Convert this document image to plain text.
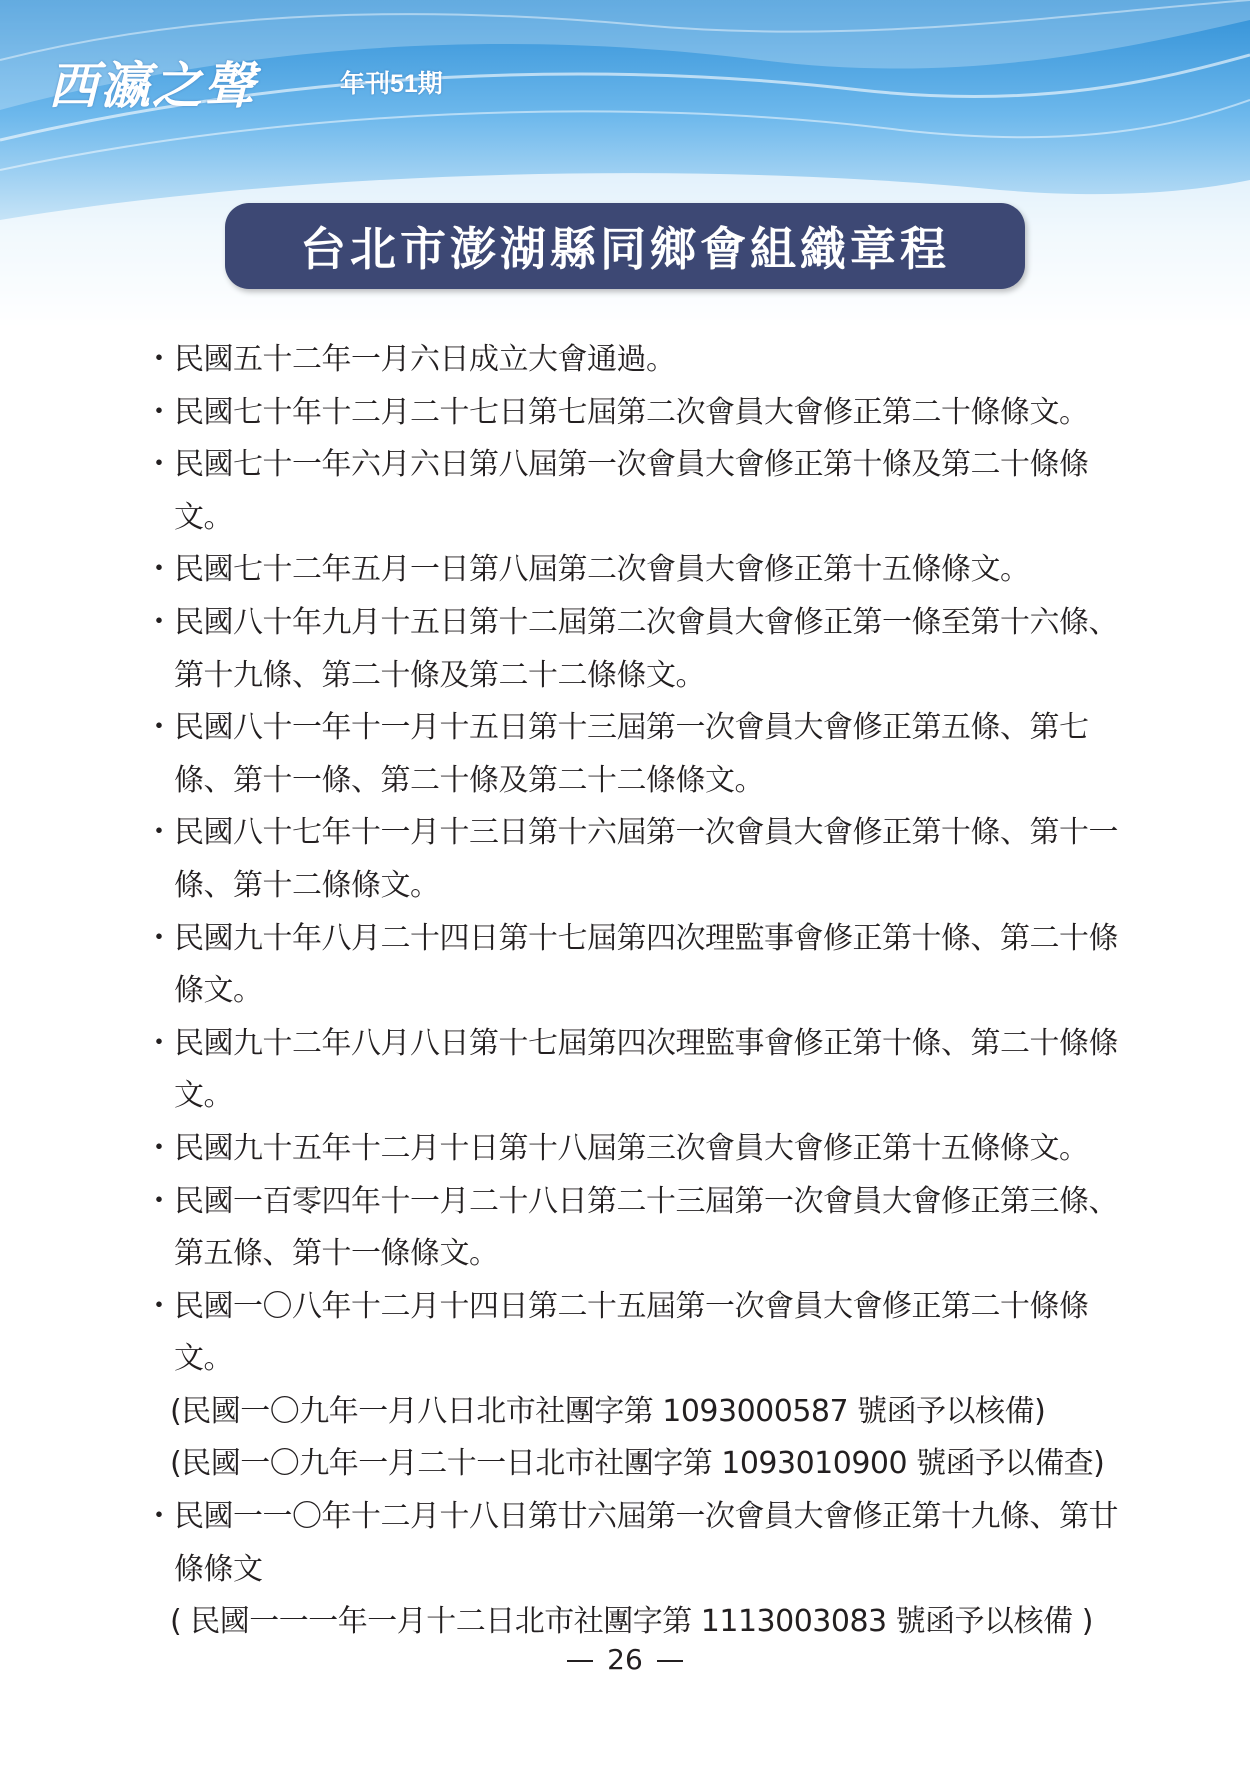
西瀛之聲	年刊51期
台北市澎湖縣同鄉會組織章程
・ 民國五十二年一月六日成立大會通過。
・ 民國七十年十二月二十七日第七屆第二次會員大會修正第二十條條文。
・ 民國七十一年六月六日第八屆第一次會員大會修正第十條及第二十條條文。
・ 民國七十二年五月一日第八屆第二次會員大會修正第十五條條文。
・ 民國八十年九月十五日第十二屆第二次會員大會修正第一條至第十六條、第十九條、第二十條及第二十二條條文。
・ 民國八十一年十一月十五日第十三屆第一次會員大會修正第五條、第七條、第十一條、第二十條及第二十二條條文。
・ 民國八十七年十一月十三日第十六屆第一次會員大會修正第十條、第十一條、第十二條條文。
・ 民國九十年八月二十四日第十七屆第四次理監事會修正第十條、第二十條條文。
・ 民國九十二年八月八日第十七屆第四次理監事會修正第十條、第二十條條文。
・ 民國九十五年十二月十日第十八屆第三次會員大會修正第十五條條文。
・ 民國一百零四年十一月二十八日第二十三屆第一次會員大會修正第三條、第五條、第十一條條文。
・ 民國一〇八年十二月十四日第二十五屆第一次會員大會修正第二十條條文。
(民國一〇九年一月八日北市社團字第 1093000587 號函予以核備)
(民國一〇九年一月二十一日北市社團字第 1093010900 號函予以備查)
・ 民國一一〇年十二月十八日第廿六屆第一次會員大會修正第十九條、第廿條條文
( 民國一一一年一月十二日北市社團字第 1113003083 號函予以核備 )
26
